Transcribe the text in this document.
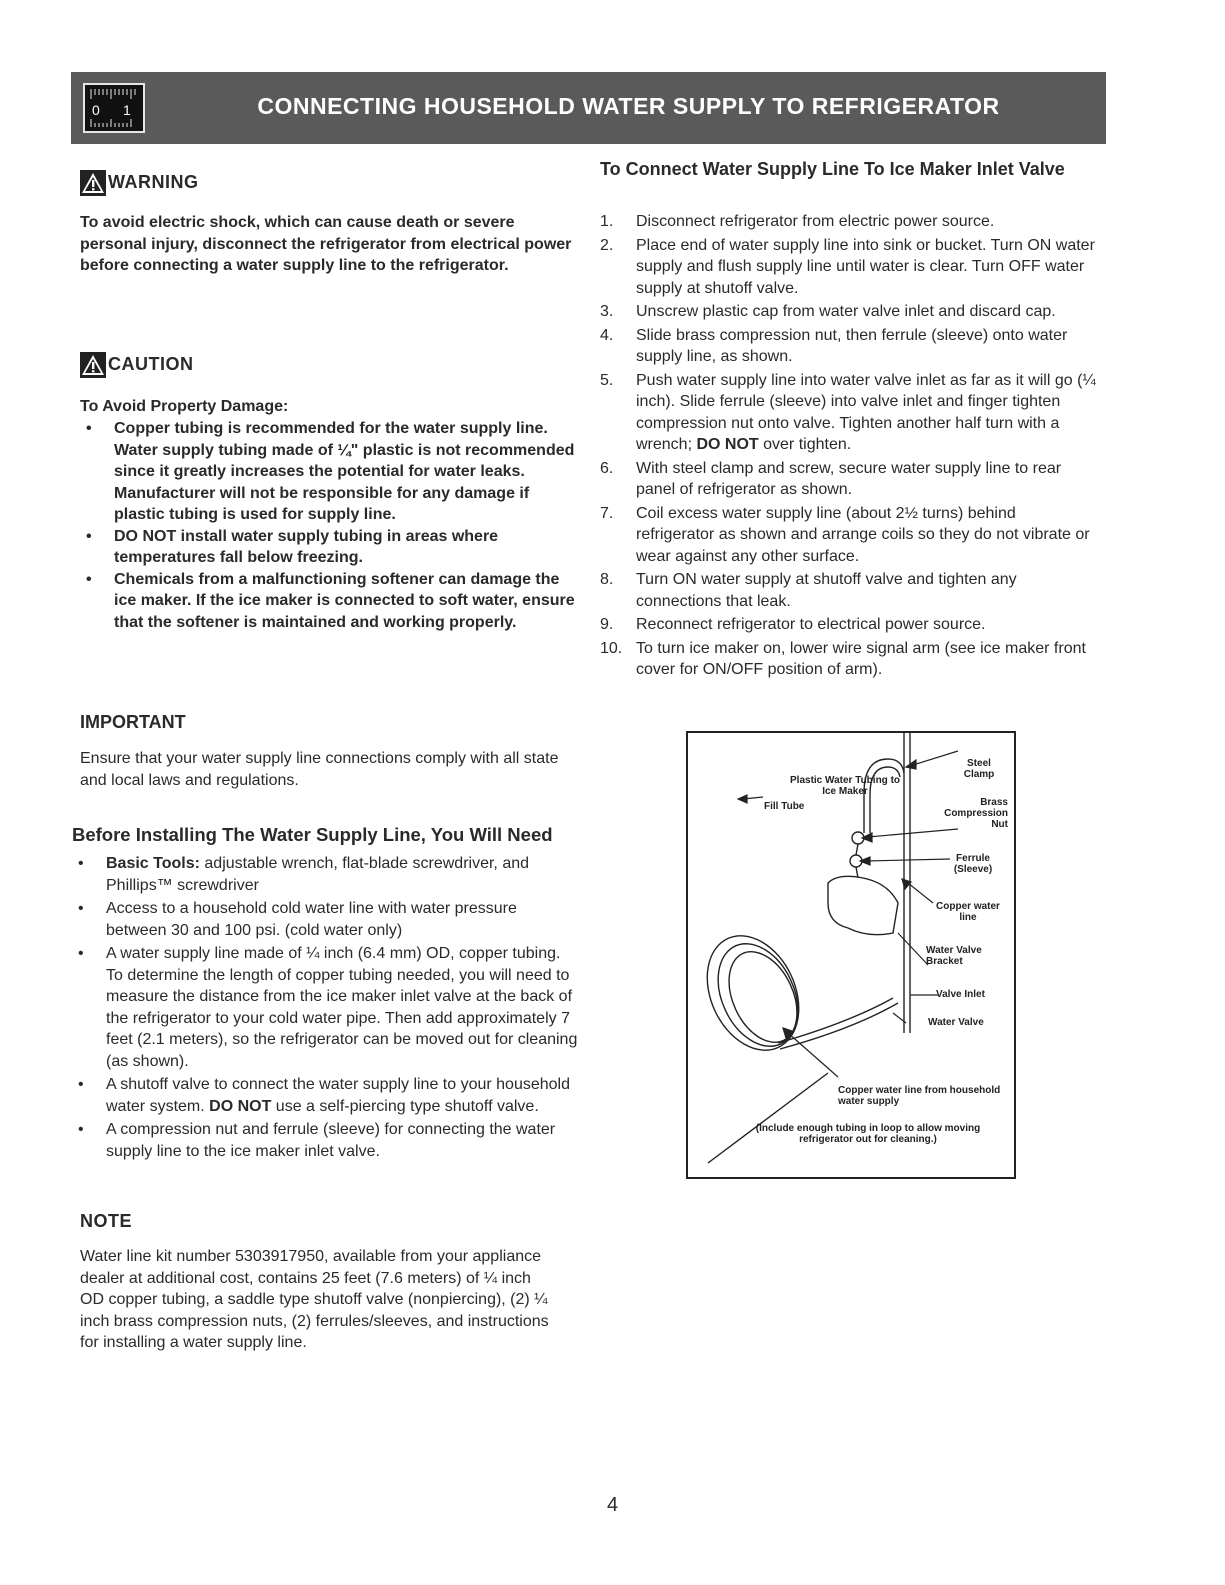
0 1	CONNECTING HOUSEHOLD WATER SUPPLY TO REFRIGERATOR
WARNING
To avoid electric shock, which can cause death or severe personal injury, disconnect the refrigerator from electrical power before connecting a water supply line to the refrigerator.
CAUTION
To Avoid Property Damage:
• Copper tubing is recommended for the water supply line. Water supply tubing made of ¼" plastic is not recommended since it greatly increases the potential for water leaks. Manufacturer will not be responsible for any damage if plastic tubing is used for supply line.
• DO NOT install water supply tubing in areas where temperatures fall below freezing.
• Chemicals from a malfunctioning softener can damage the ice maker. If the ice maker is connected to soft water, ensure that the softener is maintained and working properly.
IMPORTANT
Ensure that your water supply line connections comply with all state and local laws and regulations.
Before Installing The Water Supply Line, You Will Need
• Basic Tools: adjustable wrench, flat-blade screwdriver, and Phillips™ screwdriver
• Access to a household cold water line with water pressure between 30 and 100 psi. (cold water only)
• A water supply line made of ¼ inch (6.4 mm) OD, copper tubing. To determine the length of copper tubing needed, you will need to measure the distance from the ice maker inlet valve at the back of the refrigerator to your cold water pipe. Then add approximately 7 feet (2.1 meters), so the refrigerator can be moved out for cleaning (as shown).
• A shutoff valve to connect the water supply line to your household water system. DO NOT use a self-piercing type shutoff valve.
• A compression nut and ferrule (sleeve) for connecting the water supply line to the ice maker inlet valve.
NOTE
Water line kit number 5303917950, available from your appliance dealer at additional cost, contains 25 feet (7.6 meters) of ¼ inch OD copper tubing, a saddle type shutoff valve (nonpiercing), (2) ¼ inch brass compression nuts, (2) ferrules/sleeves, and instructions for installing a water supply line.
To Connect Water Supply Line To Ice Maker Inlet Valve
1. Disconnect refrigerator from electric power source.
2. Place end of water supply line into sink or bucket. Turn ON water supply and flush supply line until water is clear. Turn OFF water supply at shutoff valve.
3. Unscrew plastic cap from water valve inlet and discard cap.
4. Slide brass compression nut, then ferrule (sleeve) onto water supply line, as shown.
5. Push water supply line into water valve inlet as far as it will go (¼ inch). Slide ferrule (sleeve) into valve inlet and finger tighten compression nut onto valve. Tighten another half turn with a wrench; DO NOT over tighten.
6. With steel clamp and screw, secure water supply line to rear panel of refrigerator as shown.
7. Coil excess water supply line (about 2½ turns) behind refrigerator as shown and arrange coils so they do not vibrate or wear against any other surface.
8. Turn ON water supply at shutoff valve and tighten any connections that leak.
9. Reconnect refrigerator to electrical power source.
10. To turn ice maker on, lower wire signal arm (see ice maker front cover for ON/OFF position of arm).
Plastic Water Tubing to Ice Maker
Fill Tube
Steel Clamp
Brass Compression Nut
Ferrule (Sleeve)
Copper water line
Water Valve Bracket
Valve Inlet
Water Valve
Copper water line from household water supply
(Include enough tubing in loop to allow moving refrigerator out for cleaning.)
4
